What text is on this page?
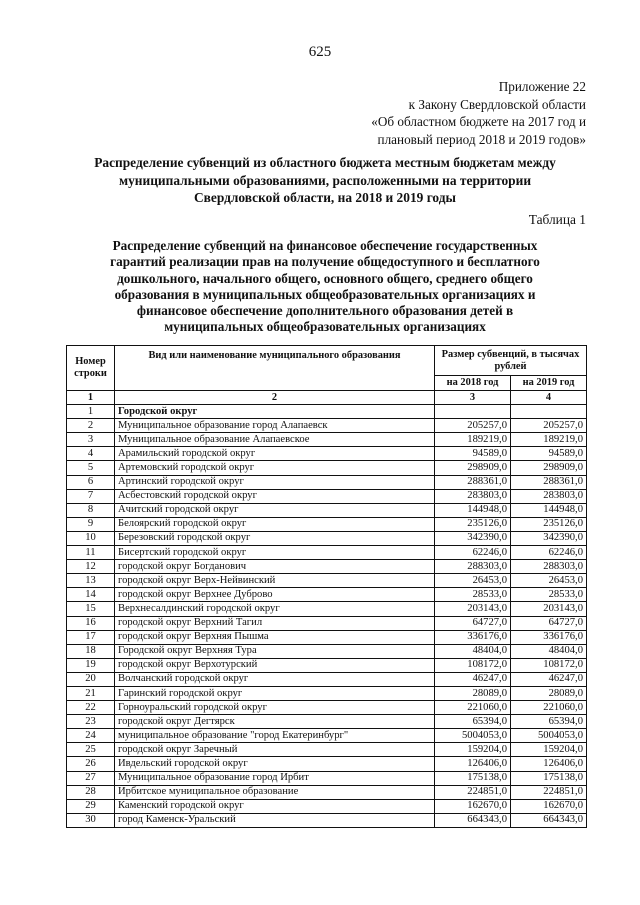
625
Приложение 22
к Закону Свердловской области
«Об областном бюджете на 2017 год и
плановый период 2018 и 2019 годов»
Распределение субвенций из областного бюджета местным бюджетам между муниципальными образованиями, расположенными на территории Свердловской области, на 2018 и 2019 годы
Таблица 1
Распределение субвенций на финансовое обеспечение государственных гарантий реализации прав на получение общедоступного и бесплатного дошкольного, начального общего, основного общего, среднего общего образования в муниципальных общеобразовательных организациях и финансовое обеспечение дополнительного образования детей в муниципальных общеобразовательных организациях
Номер строки	Вид или наименование муниципального образования	Размер субвенций, в тысячах рублей	
		на 2018 год	на 2019 год
1	2	3	4
1	Городской округ		
2	Муниципальное образование город Алапаевск	205257,0	205257,0
3	Муниципальное образование Алапаевское	189219,0	189219,0
4	Арамильский городской округ	94589,0	94589,0
5	Артемовский городской округ	298909,0	298909,0
6	Артинский городской округ	288361,0	288361,0
7	Асбестовский городской округ	283803,0	283803,0
8	Ачитский городской округ	144948,0	144948,0
9	Белоярский городской округ	235126,0	235126,0
10	Березовский городской округ	342390,0	342390,0
11	Бисертский городской округ	62246,0	62246,0
12	городской округ Богданович	288303,0	288303,0
13	городской округ Верх-Нейвинский	26453,0	26453,0
14	городской округ Верхнее Дуброво	28533,0	28533,0
15	Верхнесалдинский городской округ	203143,0	203143,0
16	городской округ Верхний Тагил	64727,0	64727,0
17	городской округ Верхняя Пышма	336176,0	336176,0
18	Городской округ Верхняя Тура	48404,0	48404,0
19	городской округ Верхотурский	108172,0	108172,0
20	Волчанский городской округ	46247,0	46247,0
21	Гаринский городской округ	28089,0	28089,0
22	Горноуральский городской округ	221060,0	221060,0
23	городской округ Дегтярск	65394,0	65394,0
24	муниципальное образование "город Екатеринбург"	5004053,0	5004053,0
25	городской округ Заречный	159204,0	159204,0
26	Ивдельский городской округ	126406,0	126406,0
27	Муниципальное образование город Ирбит	175138,0	175138,0
28	Ирбитское муниципальное образование	224851,0	224851,0
29	Каменский городской округ	162670,0	162670,0
30	город Каменск-Уральский	664343,0	664343,0
